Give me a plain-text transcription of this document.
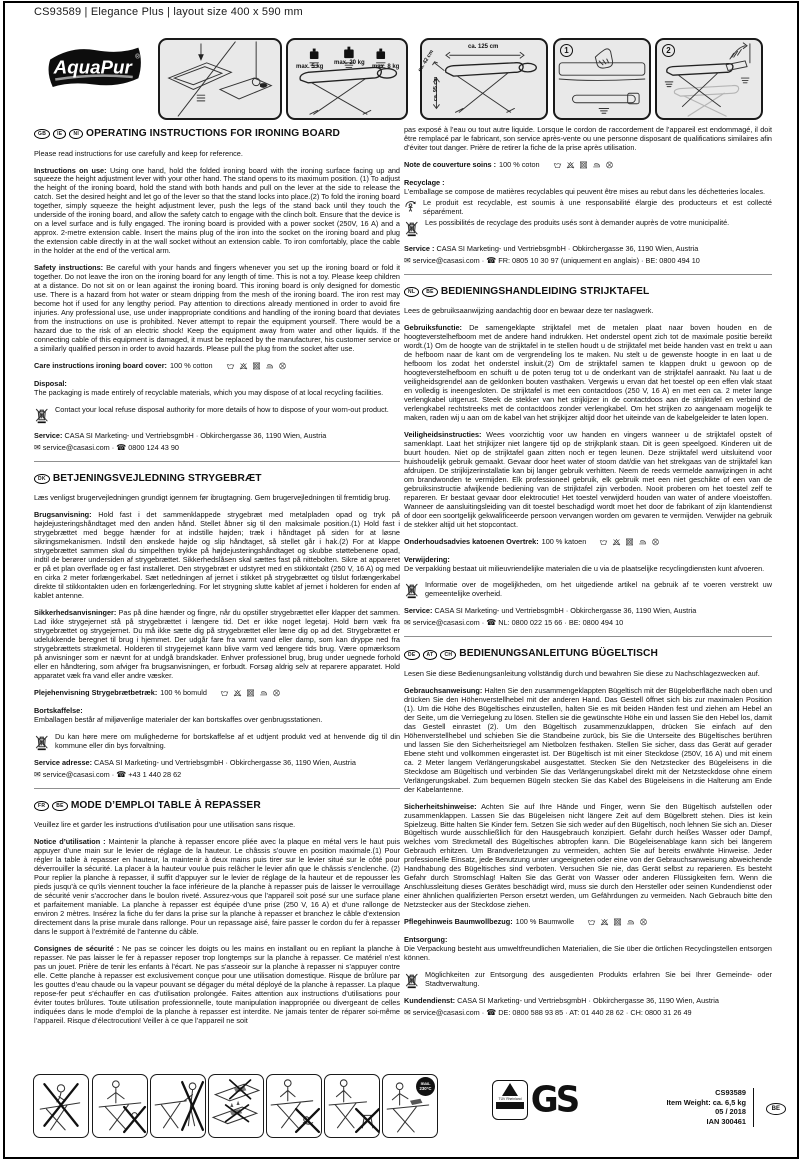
CS93589 | Elegance Plus | layout size 400 x 590 mm
AquaPur ®
max. 5 kg
max. 20 kg
max. 8 kg
ca. 125 cm
ca. 42 cm
ca. 95 cm
1	2
GB	IE	NI OPERATING INSTRUCTIONS FOR IRONING BOARD

Please read instructions for use carefully and keep for reference.

Instructions on use: Using one hand, hold the folded ironing board with the ironing surface facing up and squeeze the height adjustment lever with your other hand. The stand opens to its maximum position. (1) To adjust the height of the ironing board, hold the stand with both hands and pull on the lever at the side to release the catch. Set the desired height and let go of the lever so that the stand locks into place.(2) To fold the ironing board together, simply squeeze the height adjustment lever, push the legs of the stand back until they touch the underside of the ironing board, and allow the safety catch to engage with the clinch bolt. Ensure that the device is on a level surface and is fully engaged. The ironing board is provided with a power socket (250V, 16 A) and a approx. 2-metre extension cable. Insert the mains plug of the iron into the socket on the ironing board and plug the extension cable directly in at the wall socket without an extension cable. To iron comfortably, place the cable in the holder at the end of the vertical arm.

Safety instructions: Be careful with your hands and fingers whenever you set up the ironing board or fold it together. Do not leave the iron on the ironing board for any length of time. This is not a toy. Please keep children at a distance. Do not sit on or lean against the ironing board. This ironing board is only designed for domestic use. There is a hazard from hot water or steam dripping from the mesh of the ironing board. The iron rest may become hot if used for any lengthy period. Pay attention to directions already mentioned in order to avoid fire injuries. Any professional use, use under inappropriate conditions and handling of the ironing board that deviates from the instructions on use is prohibited. Never attempt to repair the equipment yourself. There would be a hazard due to the risk of an electric shock! Keep the equipment away from water and other liquids. If the connecting cable of this equipment is damaged, it must be replaced by the manufacturer, his customer service or a similarly qualified person in order to avoid hazards. Please pull the plug from the socket after use.

Care instructions ironing board cover: 100 % cotton

Disposal:

The packaging is made entirely of recyclable materials, which you may dispose of at local recycling facilities.

Contact your local refuse disposal authority for more details of how to dispose of your worn-out product.

Service: CASA SI Marketing- und VertriebsgmbH · Obkirchergasse 36, 1190 Wien, Austria

✉ service@casasi.com · ☎ 0800 124 43 90

DK BETJENINGSVEJLEDNING STRYGEBRÆT

Læs venligst brugervejledningen grundigt igennem før ibrugtagning. Gem brugervejledningen til fremtidig brug.

Brugsanvisning: Hold fast i det sammenklappede strygebræt med metalpladen opad og tryk på højdejusteringshåndtaget med den anden hånd. Stellet åbner sig til den maksimale position.(1) Hold fast i strygebrættet med begge hænder for at indstille højden; træk i håndtaget på siden for at løsne sikringsmekanismen. Indstil den ønskede højde og slip håndtaget, så stellet går i hak.(2) For at klappe strygebrættet sammen skal du simpelthen trykke på højdejusteringshåndtaget og skubbe støttebenene opad, indtil de berører undersiden af strygebrættet. Sikkerhedslåsen skal sættes fast på nittebolten. Sikre at appareret er på et plan overflade og er fast installeret. Den strygebræt er udstyret med en stikkontakt (250 V, 16 A) og med en cirka 2 meter forlængerkabel. Sæt netledningen af jernet i stikket på strygebrættet og tilslut forlængerkabel direkte til stikkontakten uden en forlængerledning. For let strygning slutte kablet af jernet i holderen for enden af kablet antenne.

Sikkerhedsanvisninger: Pas på dine hænder og fingre, når du opstiller strygebrættet eller klapper det sammen. Lad ikke strygejernet stå på strygebrættet i længere tid. Det er ikke noget legetøj. Hold børn væk fra strygebrættet og strygejernet. Du må ikke sætte dig på strygebrættet eller læne dig op ad det. Strygebrættet er udelukkende beregnet til brug i hjemmet. Der udgår fare fra varmt vand eller damp, som kan dryppe ned fra strygebrættets strækmetal. Holderen til strygejernet kann blive varm ved længere tids brug. Være opmærksom på anvisninger som er nævnt for at undgå brandskader. Enhver professionel brug, brug under uegnede forhold eller en håndtering, som afviger fra brugsanvisningen, er forbudt. Forsøg aldrig selv at reparere apparatet. Hold apparatet væk fra vand eller andre væsker.

Plejehenvisning Strygebrætbetræk: 100 % bomuld

Bortskaffelse:

Emballagen består af miljøvenlige materialer der kan bortskaffes over genbrugsstationen.

Du kan høre mere om mulighederne for bortskaffelse af et udtjent produkt ved at henvende dig til din kommune eller din bys forvaltning.

Service adresse: CASA SI Marketing- und VertriebsgmbH · Obkirchergasse 36, 1190 Wien, Austria

✉ service@casasi.com · ☎ +43 1 440 28 62

FR	BE MODE D’EMPLOI TABLE À REPASSER

Veuillez lire et garder les instructions d’utilisation pour une utilisation sans risque.

Notice d’utilisation : Maintenir la planche à repasser encore pliée avec la plaque en métal vers le haut puis appuyer d’une main sur le levier de réglage de la hauteur. Le châssis s’ouvre en position maximale.(1) Pour régler la table à repasser en hauteur, la maintenir à deux mains puis tirer sur le levier situé sur le côté pour déverrouiller la sécurité. La placer à la hauteur voulue puis relâcher le levier afin que le châssis s’enclenche. (2) Pour replier la planche à repasser, il suffit d’appuyer sur le levier de réglage de la hauteur et de repousser les pieds jusqu’à ce qu’ils viennent toucher la face inférieure de la planche à repasser puis de laisser le verrouillage de sécurité venir s’accrocher dans le boulon riveté. Assurez-vous que l’appareil soit posé sur une surface plane et parfaitement maniable. La planche à repasser est équipée d’une prise (250 V, 16 A) et d’une rallonge de environ 2 mètres. Insérez la fiche du fer dans la prise sur la planche à repasser et branchez le câble d’extension directement dans la prise murale dans rallonge. Pour un repassage aisé, faire passer le cordon du fer à repasser dans le support à l’extrémité de l’antenne du câble.

Consignes de sécurité : Ne pas se coincer les doigts ou les mains en installant ou en repliant la planche à repasser. Ne pas laisser le fer à repasser reposer trop longtemps sur la planche à repasser. Ce matériel n’est pas un jouet. Prière de tenir les enfants à l’écart. Ne pas s’asseoir sur la planche à repasser ni s’appuyer contre elle. Cette planche à repasser est exclusivement conçue pour une utilisation domestique. Risque de brûlure par les gouttes d’eau chaude ou la vapeur pouvant se dégager du métal déployé de la planche à repasser. La plaque repose-fer peut s’échauffer en cas d’utilisation prolongée. Faites attention aux instructions d’utilisations pour éviter toutes brûlures. Toute utilisation professionnelle, toute manipulation inappropriée ou divergeant de celles indiquées dans le mode d’emploi de la planche à repasser est interdite. Ne jamais tenter de réparer soi-même l’appareil. Risque d’électrocution! Veiller à ce que l’appareil ne soit

pas exposé à l’eau ou tout autre liquide. Lorsque le cordon de raccordement de l’appareil est endommagé, il doit être remplacé par le fabricant, son service après-vente ou une personne disposant de qualifications similaires afin d’éviter tout danger. Prière de retirer la fiche de la prise après utilisation.

Note de couverture soins : 100 % coton

Recyclage :

L’emballage se compose de matières recyclables qui peuvent être mises au rebut dans les déchetteries locales.

Le produit est recyclable, est soumis à une responsabilité élargie des producteurs et est collecté séparément.
Les possibilités de recyclage des produits usés sont à demander auprès de votre municipalité.

Service : CASA SI Marketing- und VertriebsgmbH · Obkirchergasse 36, 1190 Wien, Austria

✉ service@casasi.com · ☎ FR: 0805 10 30 97 (uniquement en anglais) · BE: 0800 494 10

NL	BE BEDIENINGSHANDLEIDING STRIJKTAFEL

Lees de gebruiksaanwijzing aandachtig door en bewaar deze ter naslagwerk.

Gebruiksfunctie: De samengeklapte strijktafel met de metalen plaat naar boven houden en de hoogteverstelhefboom met de andere hand indrukken. Het onderstel opent zich tot de maximale positie bereikt wordt.(1) Om de hoogte van de strijktafel in te stellen houdt u de strijktafel met beide handen vast en trekt u aan de hefboom naar de kant om de vergrendeling los te maken. Nu stelt u de gewenste hoogte in en laat u de hefboom los zodat het onderstel insluit.(2) Om de strijktafel samen te klappen drukt u gewoon op de hoogteverstelhefboom en schuift u de poten terug tot u de onderkant van de strijktafel aanraakt. Nu laat u de veiligheidsgrendel aan de geklonken bouten vasthaken. Vergewis u ervan dat het toestel op een effen vlak staat en volledig is ineengesloten. De strijktafel is met een contactdoos (250 V, 16 A) en met een ca. 2 meter lange verlengkabel uitgerust. Steek de stekker van het strijkijzer in de contactdoos aan de strijktafel en verbind de verlengkabel rechtstreeks met de contactdoos zonder verlengkabel. Om het strijken zo aangenaam mogelijk te maken, raden wij u aan om de kabel van het strijkijzer altijd door het uiteinde van de kabelgeleider te laten lopen.

Veiligheidsinstructies: Wees voorzichtig voor uw handen en vingers wanneer u de strijktafel opstelt of samenklapt. Laat het strijkijzer niet langere tijd op de strijkplank staan. Dit is geen speelgoed. Kinderen uit de buurt houden. Niet op de strijktafel gaan zitten noch er tegen leunen. Deze strijktafel werd uitsluitend voor huishoudelijk gebruik gemaakt. Gevaar door heet water of stoom dat/die van het strekgaas van de strijktafel kan afdruipen. De strijkijzerinstallatie kan bij langer gebruik verhitten. Neem de reeds vermelde aanwijzingen in acht om brandwonden te vermijden. Elk professioneel gebruik, elk gebruik met een niet geschikte of een van de gebruiksinstructie afwijkende bediening van de strijktafel zijn verboden. Nooit proberen om het toestel zelf te repareren. Er bestaat gevaar door elektrocutie! Het toestel verwijderd houden van water of andere vloeistoffen. Wanneer de aansluitingsleiding van dit toestel beschadigd wordt moet het door de fabrikant of zijn klantendienst of door een soortgelijk gekwalificeerde persoon vervangen worden om gevaren te vermijden. Verwijder na gebruik de stekker altijd uit het stopcontact.

Onderhoudsadvies katoenen Overtrek: 100 % katoen

Verwijdering:

De verpakking bestaat uit milieuvriendelijke materialen die u via de plaatselijke recyclingdiensten kunt afvoeren.

Informatie over de mogelijkheden, om het uitgediende artikel na gebruik af te voeren verstrekt uw gemeentelijke overheid.

Service: CASA SI Marketing- und VertriebsgmbH · Obkirchergasse 36, 1190 Wien, Austria

✉ service@casasi.com · ☎ NL: 0800 022 15 66 · BE: 0800 494 10

DE	AT	CH BEDIENUNGSANLEITUNG BÜGELTISCH

Lesen Sie diese Bedienungsanleitung vollständig durch und bewahren Sie diese zu Nachschlagezwecken auf.

Gebrauchsanweisung: Halten Sie den zusammengeklappten Bügeltisch mit der Bügeloberfläche nach oben und drücken Sie den Höhenverstellhebel mit der anderen Hand. Das Gestell öffnet sich bis zur maximalen Position (1). Um die Höhe des Bügeltisches einzustellen, halten Sie es mit beiden Händen fest und ziehen am Hebel an der Seite, um die Verriegelung zu lösen. Stellen sie die gewünschte Höhe ein und lassen Sie den Hebel los, damit das Gestell einrastet (2). Um den Bügeltisch zusammenzuklappen, drücken Sie einfach auf den Höhenverstellhebel und schieben Sie die Standbeine zurück, bis Sie die Unterseite des Bügeltisches berühren und lassen Sie den Sicherheitsriegel am Nietbolzen festhaken. Stellen Sie sicher, dass das Gerät auf gerader Ebene steht und vollkommen eingerastet ist. Der Bügeltisch ist mit einer Steckdose (250V, 16 A) und mit einem ca. 2 Meter langem Verlängerungskabel ausgestattet. Stecken Sie den Netzstecker des Bügeleisens in die Steckdose am Bügeltisch und verbinden Sie das Verlängerungskabel direkt mit der Netzsteckdose ohne einem Verlängerungskabel. Zum bequemen Bügeln stecken Sie das Kabel des Bügeleisens in die Halterung am Ende der Kabelantenne.

Sicherheitshinweise: Achten Sie auf Ihre Hände und Finger, wenn Sie den Bügeltisch aufstellen oder zusammenklappen. Lassen Sie das Bügeleisen nicht längere Zeit auf dem Bügelbrett stehen. Dies ist kein Spielzeug. Bitte halten Sie Kinder fern. Setzen Sie sich weder auf den Bügeltisch, noch lehnen Sie sich an. Dieser Bügeltisch wurde ausschließlich für den Hausgebrauch konzipiert. Gefahr durch heißes Wasser oder Dampf, welches vom Streckmetall des Bügeltisches abtropfen kann. Die Bügeleisenablage kann sich bei längerem Gebrauch erhitzen. Um Brandverletzungen zu vermeiden, achten Sie auf bereits erwähnte Hinweise. Jeder professionelle Einsatz, jede Benutzung unter ungeeigneten oder eine von der Gebrauchsanweisung abweichende Handhabung des Bügeltisches sind verboten. Versuchen Sie nie, das Gerät selbst zu reparieren. Es besteht Gefahr durch Stromschlag! Halten Sie das Gerät von Wasser oder anderen Flüssigkeiten fern. Wenn die Anschlussleitung dieses Gerätes beschädigt wird, muss sie durch den Hersteller oder seinen Kundendienst oder einer ähnlichen qualifizierten Person ersetzt werden, um Gefährdungen zu vermeiden. Nach Gebrauch bitte den Netzstecker aus der Steckdose ziehen.

Pflegehinweis Baumwollbezug: 100 % Baumwolle

Entsorgung:

Die Verpackung besteht aus umweltfreundlichen Materialien, die Sie über die örtlichen Recyclingstellen entsorgen können.

Möglichkeiten zur Entsorgung des ausgedienten Produkts erfahren Sie bei Ihrer Gemeinde- oder Stadtverwaltung.

Kundendienst: CASA SI Marketing- und VertriebsgmbH · Obkirchergasse 36, 1190 Wien, Austria

✉ service@casasi.com · ☎ DE: 0800 588 93 85 · AT: 01 440 28 62 · CH: 0800 31 26 49

max.
230°C
TÜV Rheinland GS	CS93589
Item Weight: ca. 6,5 kg
05 / 2018
IAN 300461
BE
